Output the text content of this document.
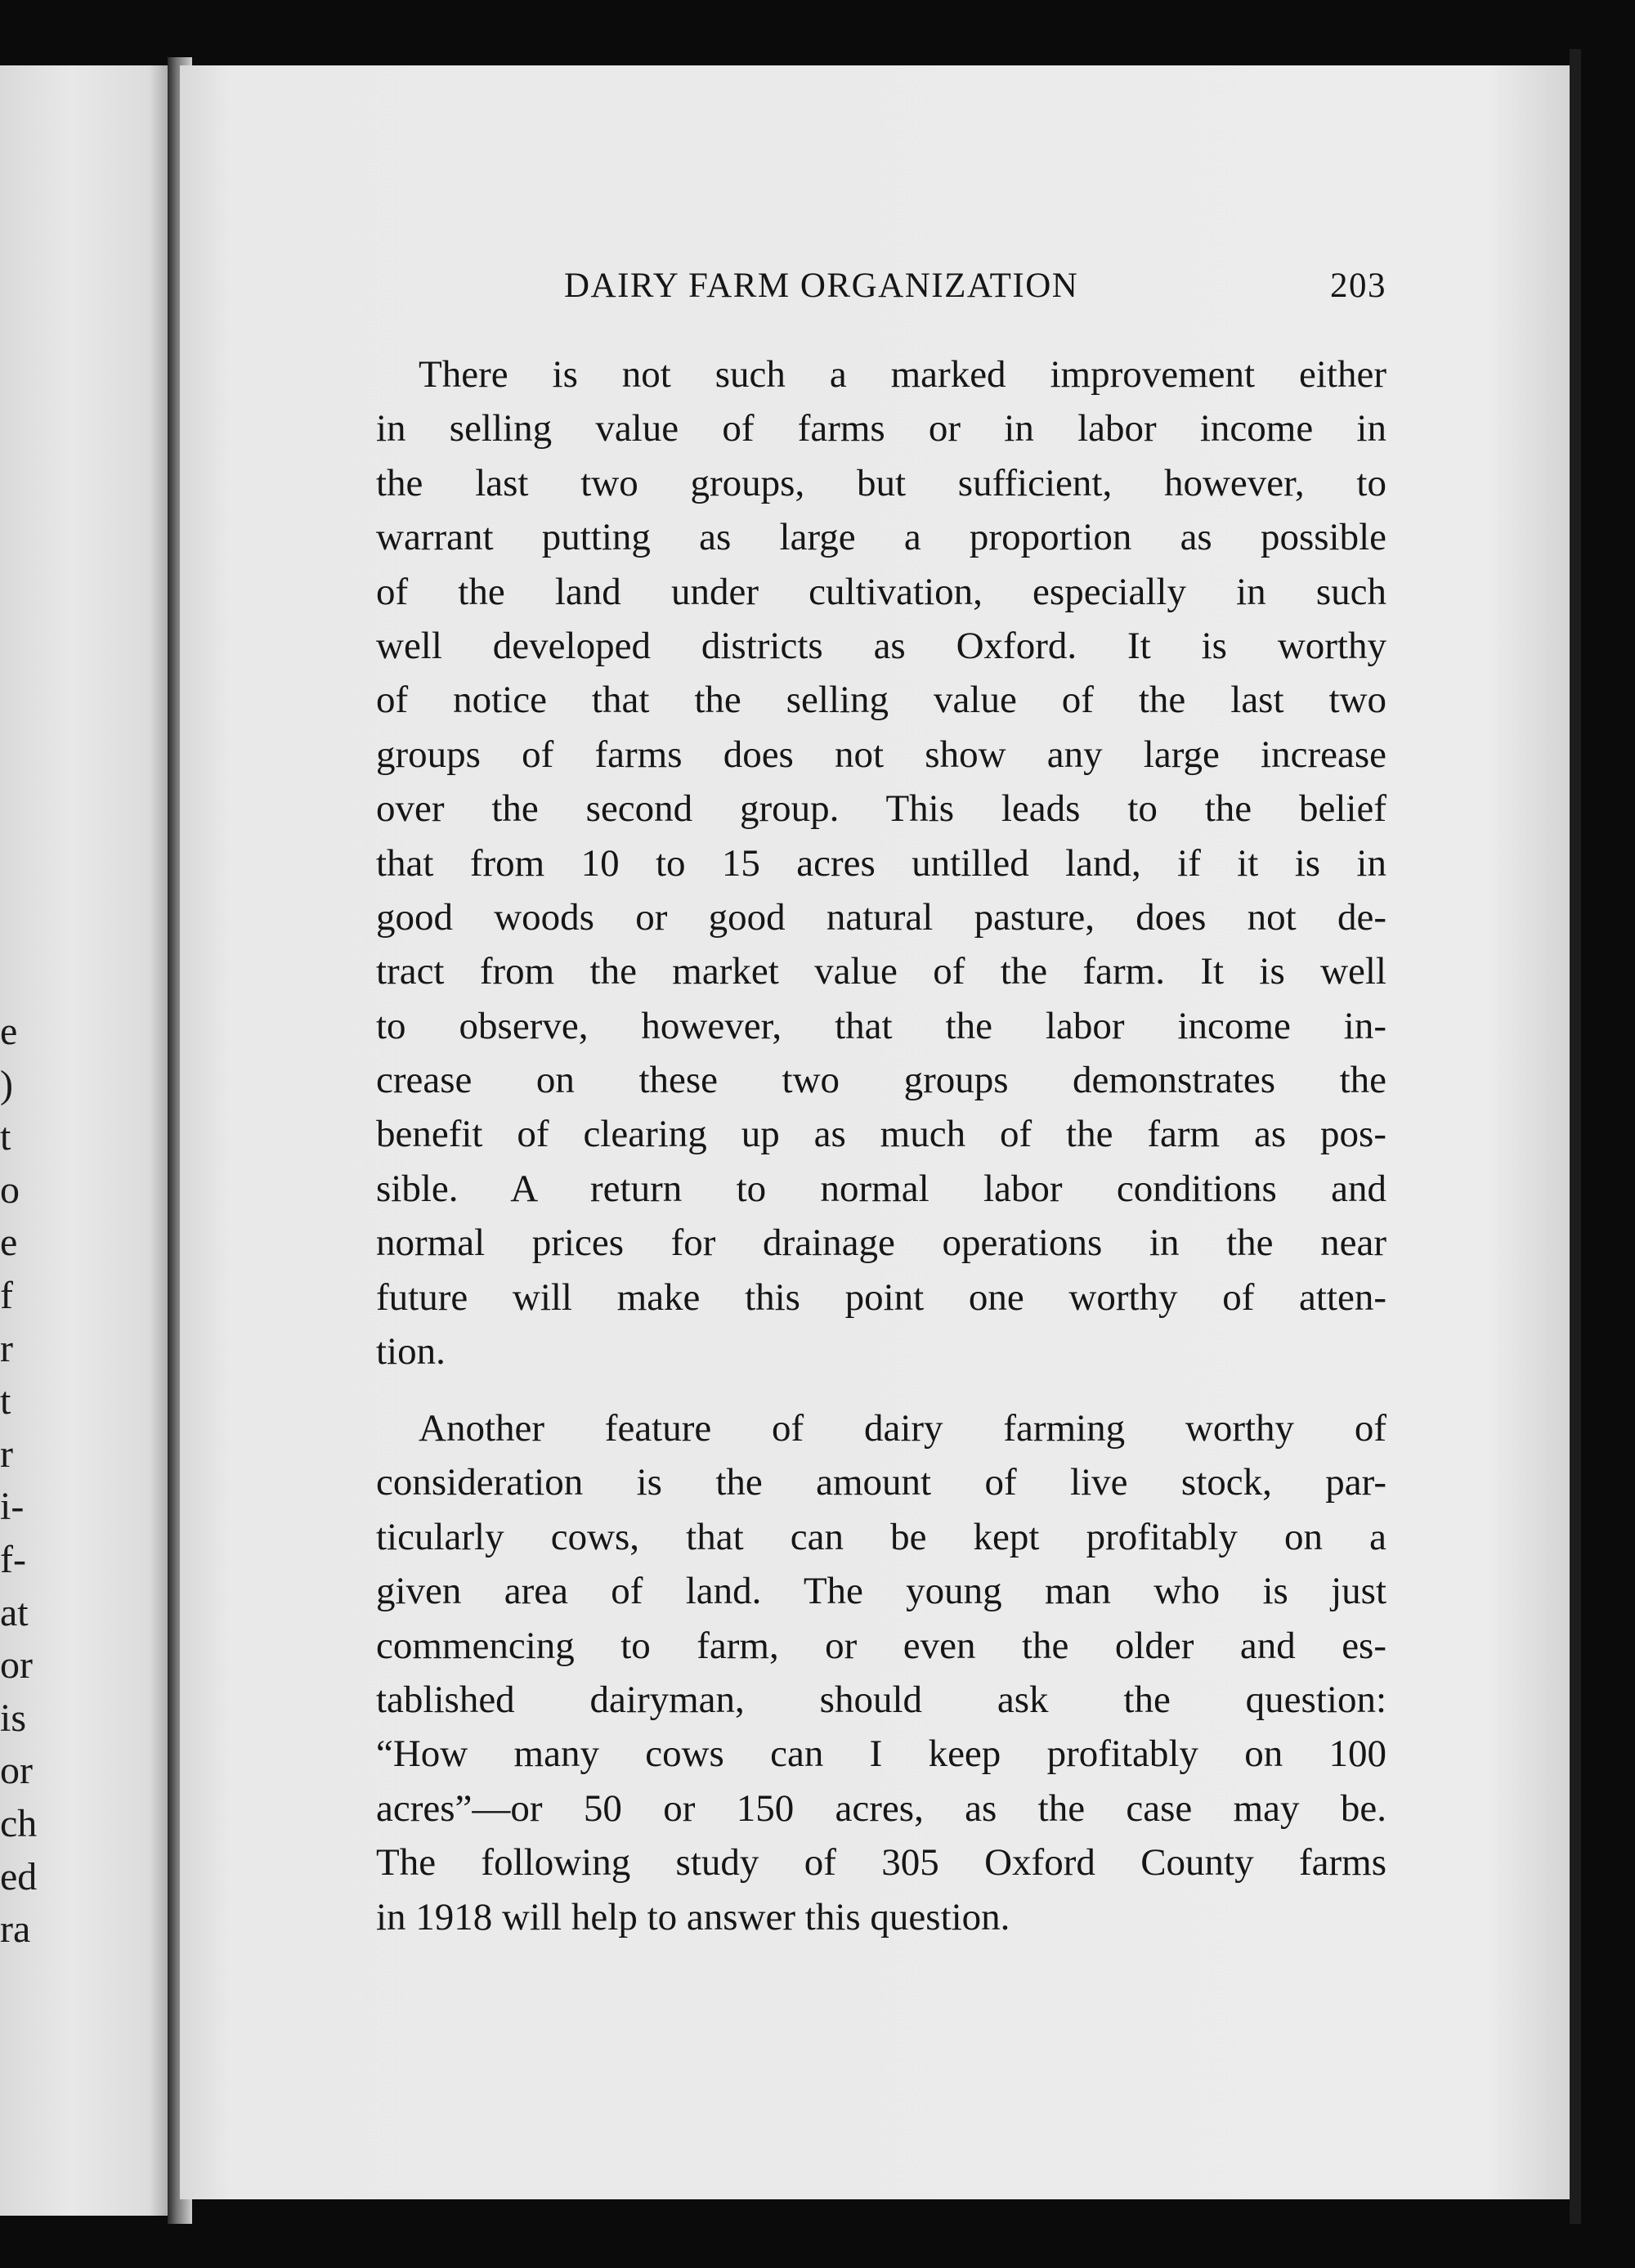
e
)
t
o
e
f
r
t
r
i-
f-
at
or
is
or
ch
ed
ra
DAIRY FARM ORGANIZATION	203
There is not such a marked improvement either
in selling value of farms or in labor income in
the last two groups, but sufficient, however, to
warrant putting as large a proportion as possible
of the land under cultivation, especially in such
well developed districts as Oxford. It is worthy
of notice that the selling value of the last two
groups of farms does not show any large increase
over the second group. This leads to the belief
that from 10 to 15 acres untilled land, if it is in
good woods or good natural pasture, does not de-
tract from the market value of the farm. It is well
to observe, however, that the labor income in-
crease on these two groups demonstrates the
benefit of clearing up as much of the farm as pos-
sible. A return to normal labor conditions and
normal prices for drainage operations in the near
future will make this point one worthy of atten-
tion.
Another feature of dairy farming worthy of
consideration is the amount of live stock, par-
ticularly cows, that can be kept profitably on a
given area of land. The young man who is just
commencing to farm, or even the older and es-
tablished dairyman, should ask the question:
“How many cows can I keep profitably on 100
acres”—or 50 or 150 acres, as the case may be.
The following study of 305 Oxford County farms
in 1918 will help to answer this question.
